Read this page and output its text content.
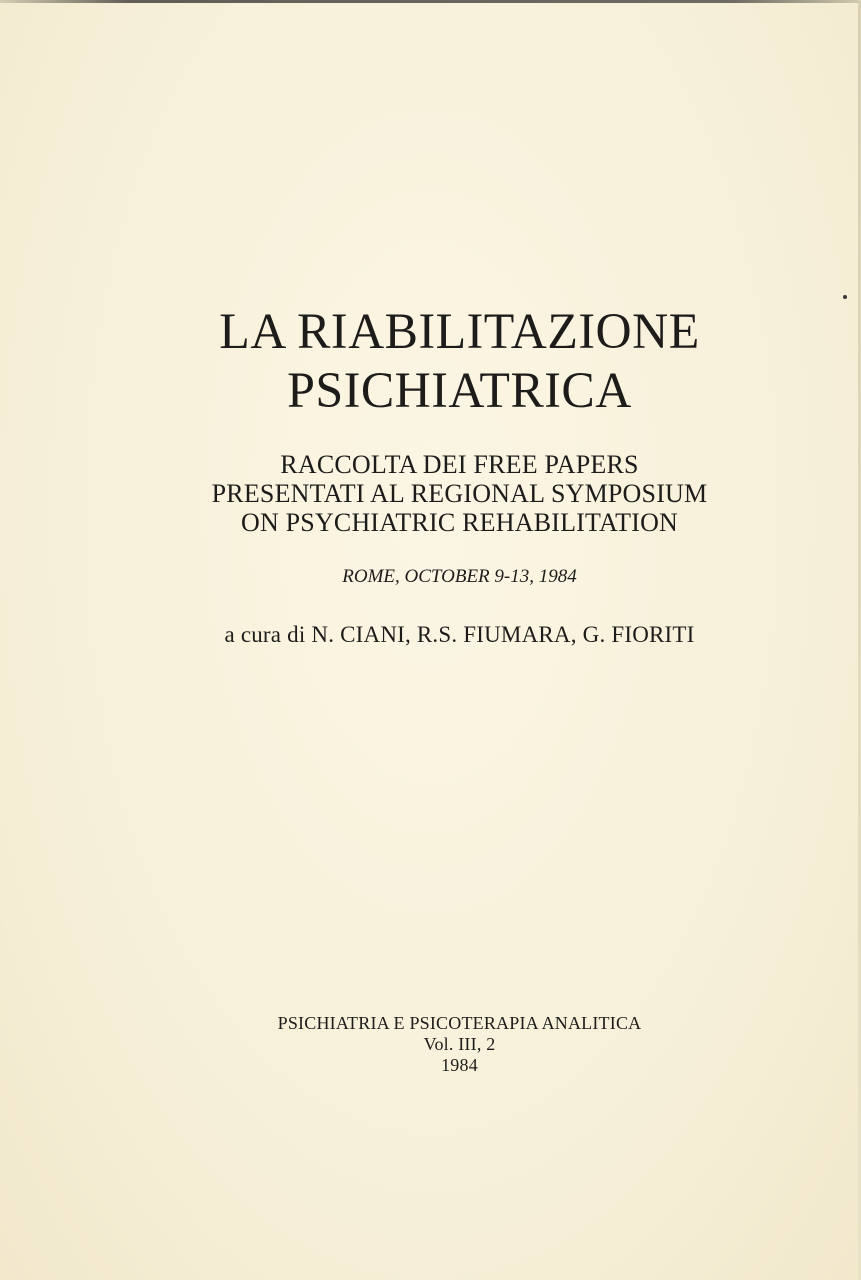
LA RIABILITAZIONE
PSICHIATRICA
RACCOLTA DEI FREE PAPERS
PRESENTATI AL REGIONAL SYMPOSIUM
ON PSYCHIATRIC REHABILITATION
ROME, OCTOBER 9-13, 1984
a cura di N. CIANI, R.S. FIUMARA, G. FIORITI
PSICHIATRIA E PSICOTERAPIA ANALITICA
Vol. III, 2
1984
